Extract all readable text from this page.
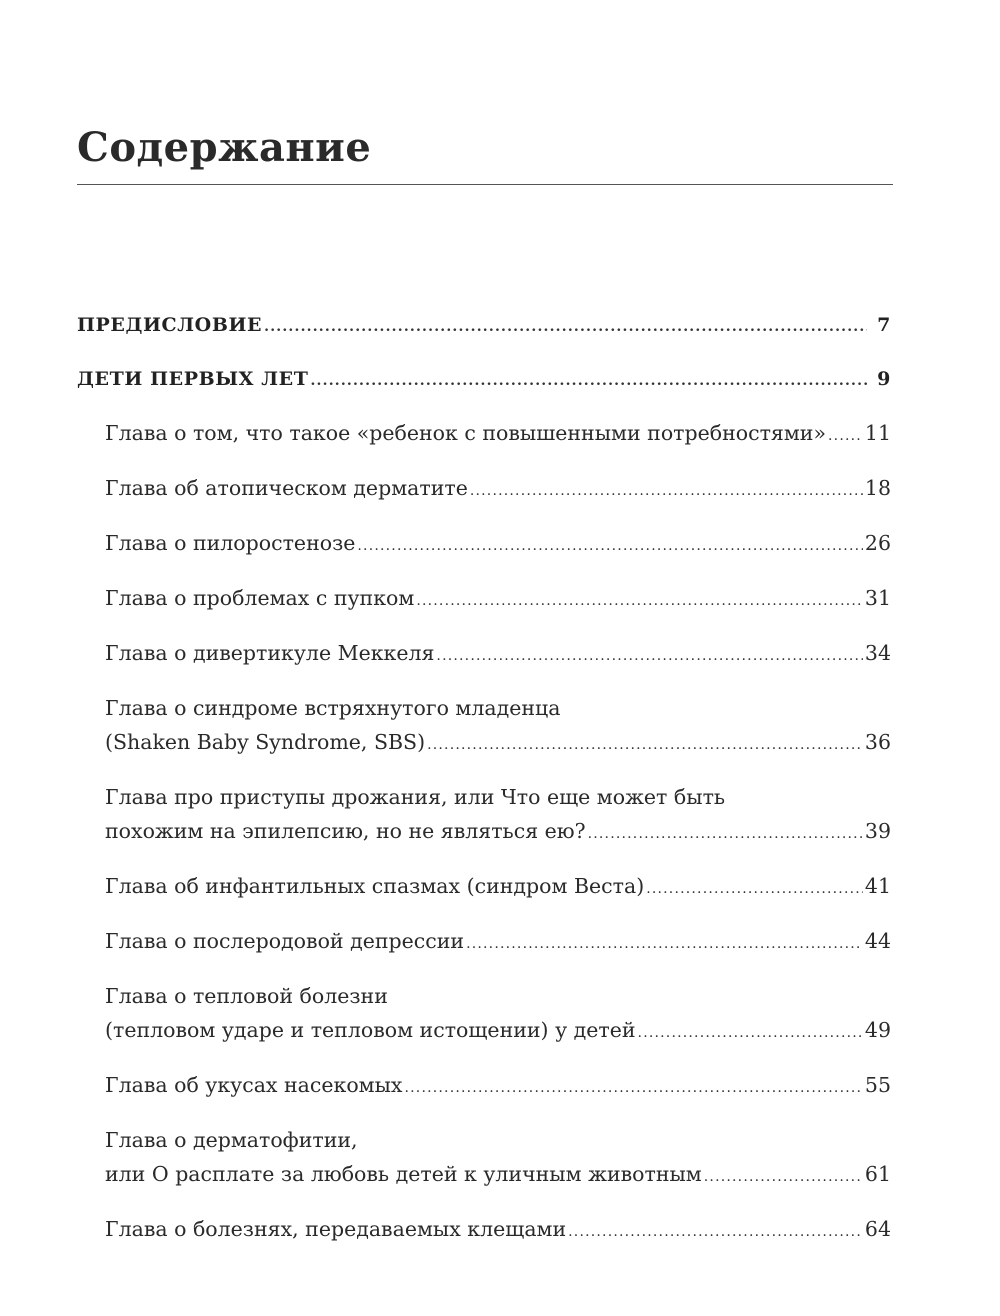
Содержание
ПРЕДИСЛОВИЕ .....	7
ДЕТИ ПЕРВЫХ ЛЕТ .....	9
Глава о том, что такое «ребенок с повышенными потребностями» ..... 11
Глава об атопическом дерматите .....	18
Глава о пилоростенозе .....	26
Глава о проблемах с пупком .....	31
Глава о дивертикуле Меккеля .....	34
Глава о синдроме встряхнутого младенца
(Shaken Baby Syndrome, SBS) .....	36
Глава про приступы дрожания, или Что еще может быть
похожим на эпилепсию, но не являться ею? .....	39
Глава об инфантильных спазмах (синдром Веста) .....	41
Глава о послеродовой депрессии .....	44
Глава о тепловой болезни
(тепловом ударе и тепловом истощении) у детей .....	49
Глава об укусах насекомых .....	55
Глава о дерматофитии,
или О расплате за любовь детей к уличным животным .....	61
Глава о болезнях, передаваемых клещами .....	64
